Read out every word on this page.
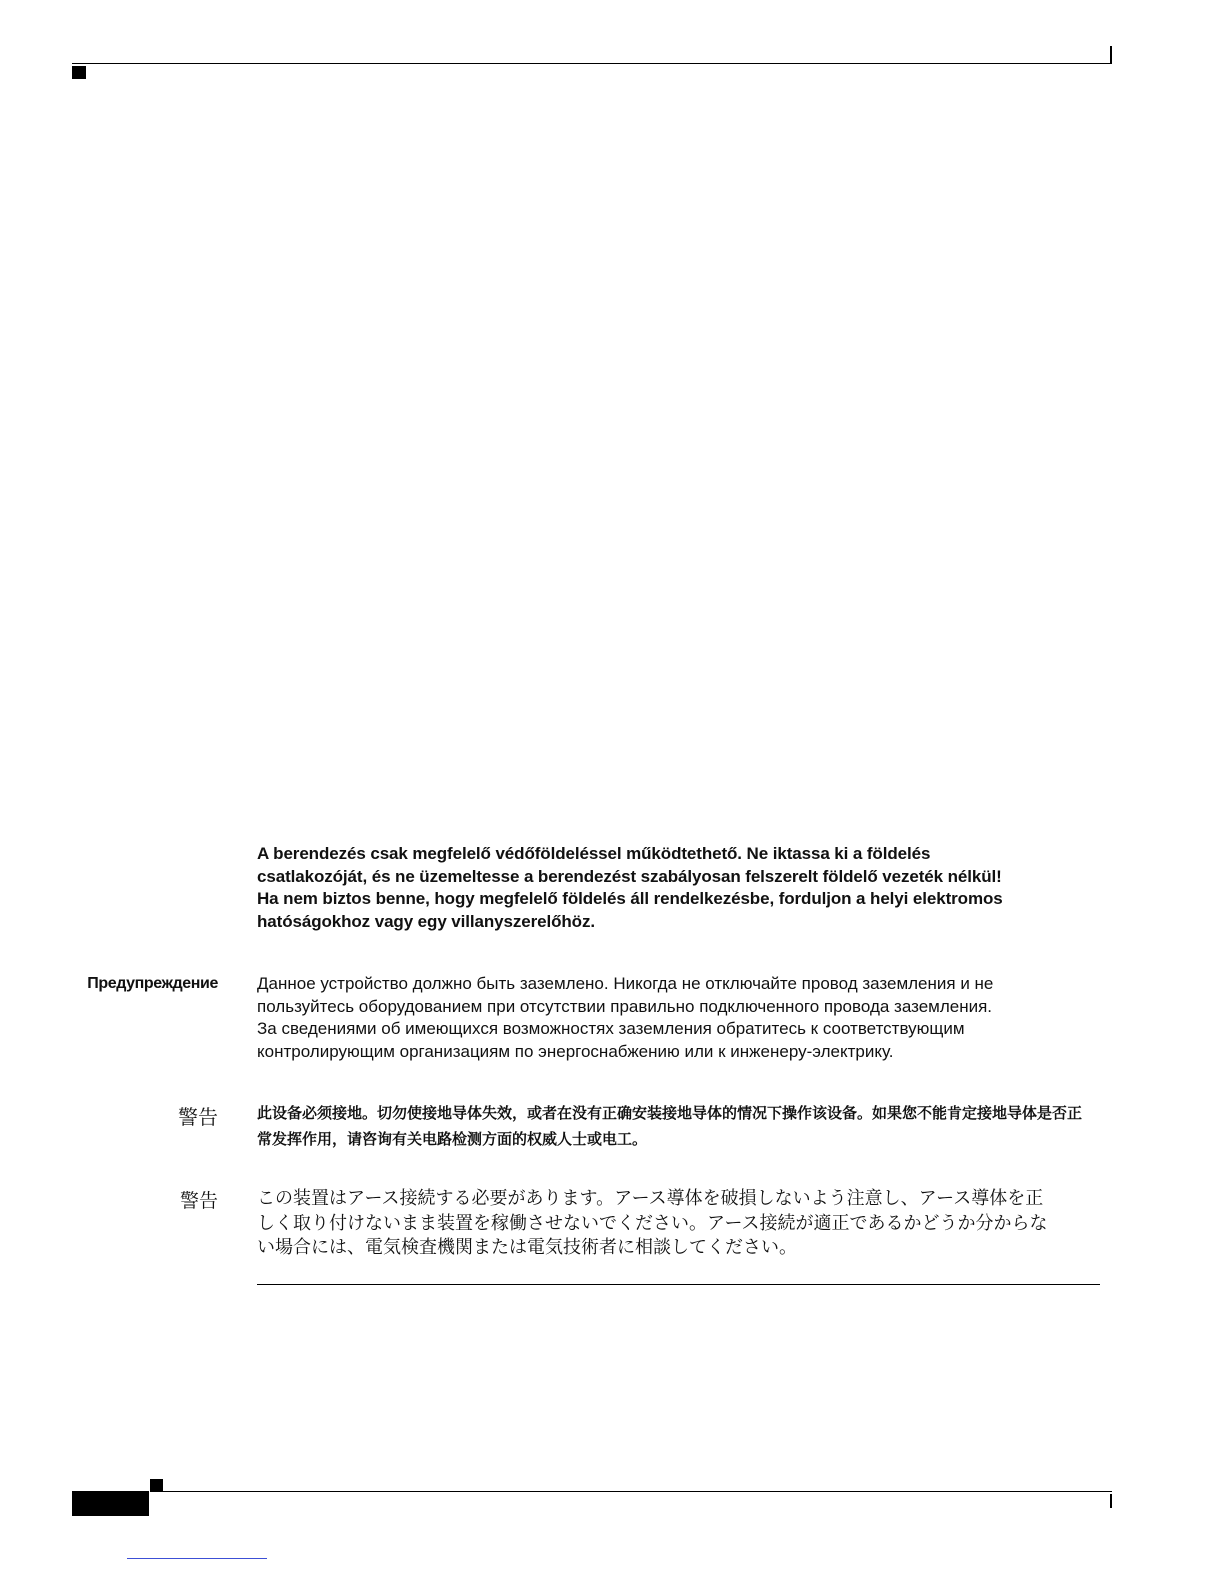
A berendezés csak megfelelő védőföldeléssel működtethető. Ne iktassa ki a földelés
csatlakozóját, és ne üzemeltesse a berendezést szabályosan felszerelt földelő vezeték nélkül!
Ha nem biztos benne, hogy megfelelő földelés áll rendelkezésbe, forduljon a helyi elektromos
hatóságokhoz vagy egy villanyszerelőhöz.
Предупреждение Данное устройство должно быть заземлено. Никогда не отключайте провод заземления и не
пользуйтесь оборудованием при отсутствии правильно подключенного провода заземления.
За сведениями об имеющихся возможностях заземления обратитесь к соответствующим
контролирующим организациям по энергоснабжению или к инженеру-электрику.
警告	此设备必须接地。切勿使接地导体失效，或者在没有正确安装接地导体的情况下操作该设备。如果您不能肯定接地导体是否正
常发挥作用，请咨询有关电路检测方面的权威人士或电工。
警告 この装置はアース接続する必要があります。アース導体を破損しないよう注意し、アース導体を正
しく取り付けないまま装置を稼働させないでください。アース接続が適正であるかどうか分からな
い場合には、電気検査機関または電気技術者に相談してください。
